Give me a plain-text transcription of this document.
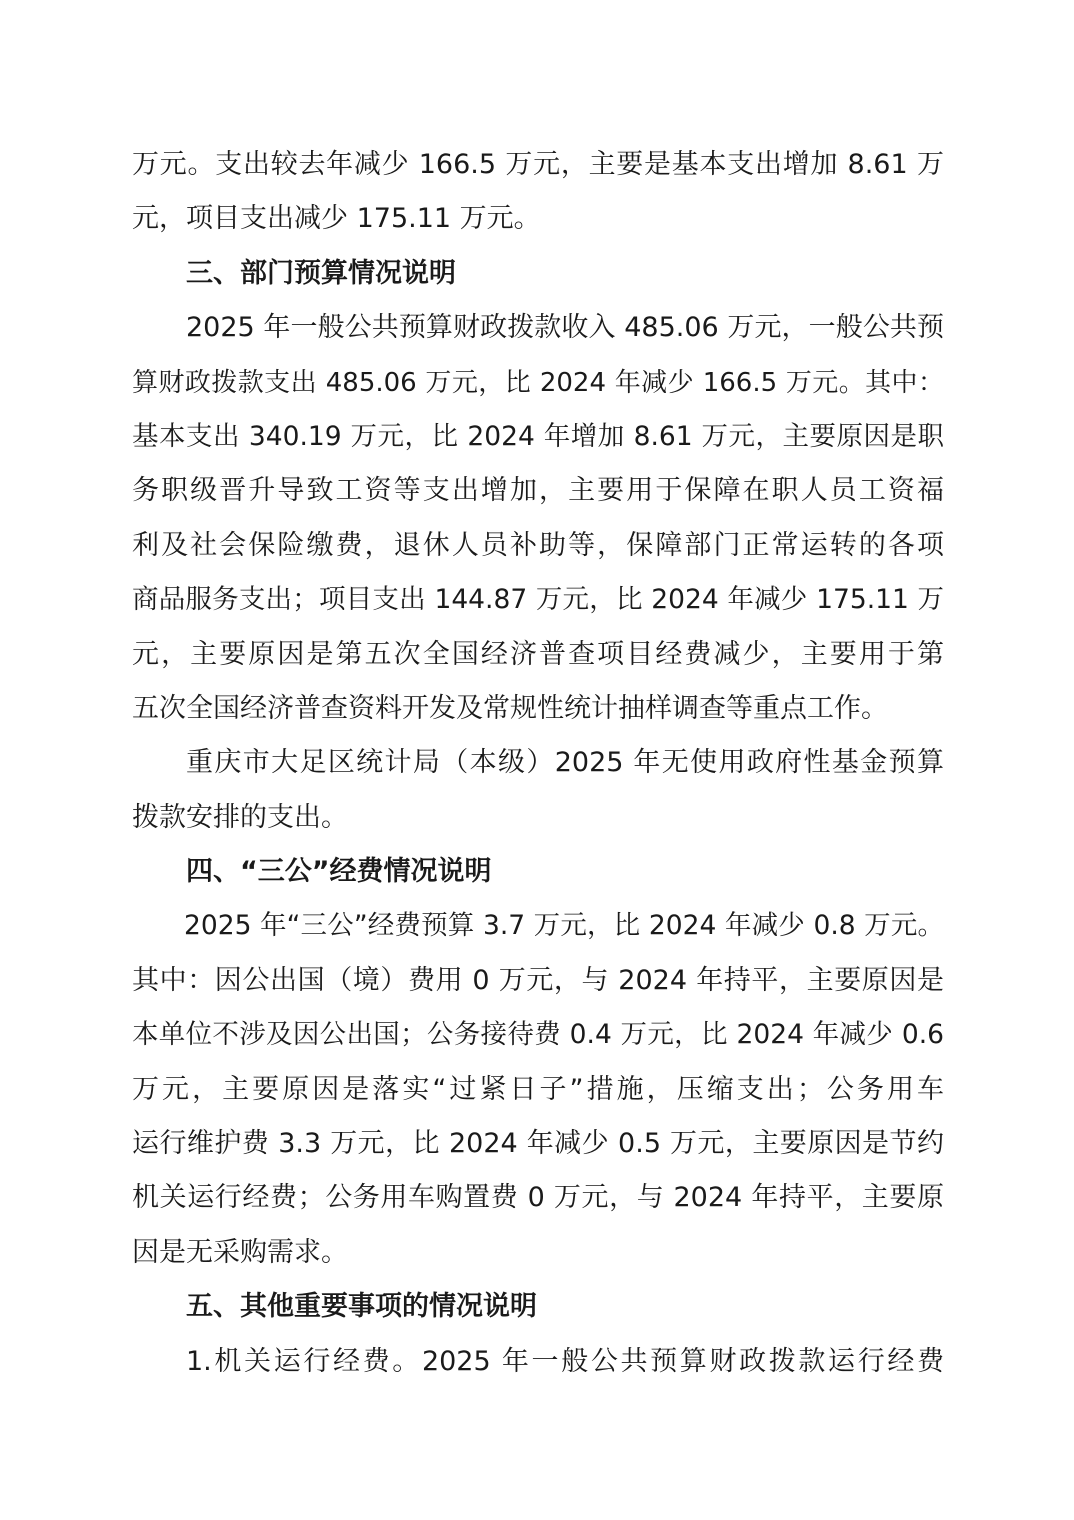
万元。支出较去年减少 166.5 万元，主要是基本支出增加 8.61 万
元，项目支出减少 175.11 万元。
三、部门预算情况说明
2025 年一般公共预算财政拨款收入 485.06 万元，一般公共预
算财政拨款支出 485.06 万元，比 2024 年减少 166.5 万元。其中：
基本支出 340.19 万元，比 2024 年增加 8.61 万元，主要原因是职
务职级晋升导致工资等支出增加，主要用于保障在职人员工资福
利及社会保险缴费，退休人员补助等，保障部门正常运转的各项
商品服务支出；项目支出 144.87 万元，比 2024 年减少 175.11 万
元，主要原因是第五次全国经济普查项目经费减少，主要用于第
五次全国经济普查资料开发及常规性统计抽样调查等重点工作。
重庆市大足区统计局（本级）2025 年无使用政府性基金预算
拨款安排的支出。
四、“三公”经费情况说明
2025 年“三公”经费预算 3.7 万元，比 2024 年减少 0.8 万元。
其中：因公出国（境）费用 0 万元，与 2024 年持平，主要原因是
本单位不涉及因公出国；公务接待费 0.4 万元，比 2024 年减少 0.6
万元，主要原因是落实“过紧日子”措施，压缩支出；公务用车
运行维护费 3.3 万元，比 2024 年减少 0.5 万元，主要原因是节约
机关运行经费；公务用车购置费 0 万元，与 2024 年持平，主要原
因是无采购需求。
五、其他重要事项的情况说明
1.机关运行经费。2025 年一般公共预算财政拨款运行经费
